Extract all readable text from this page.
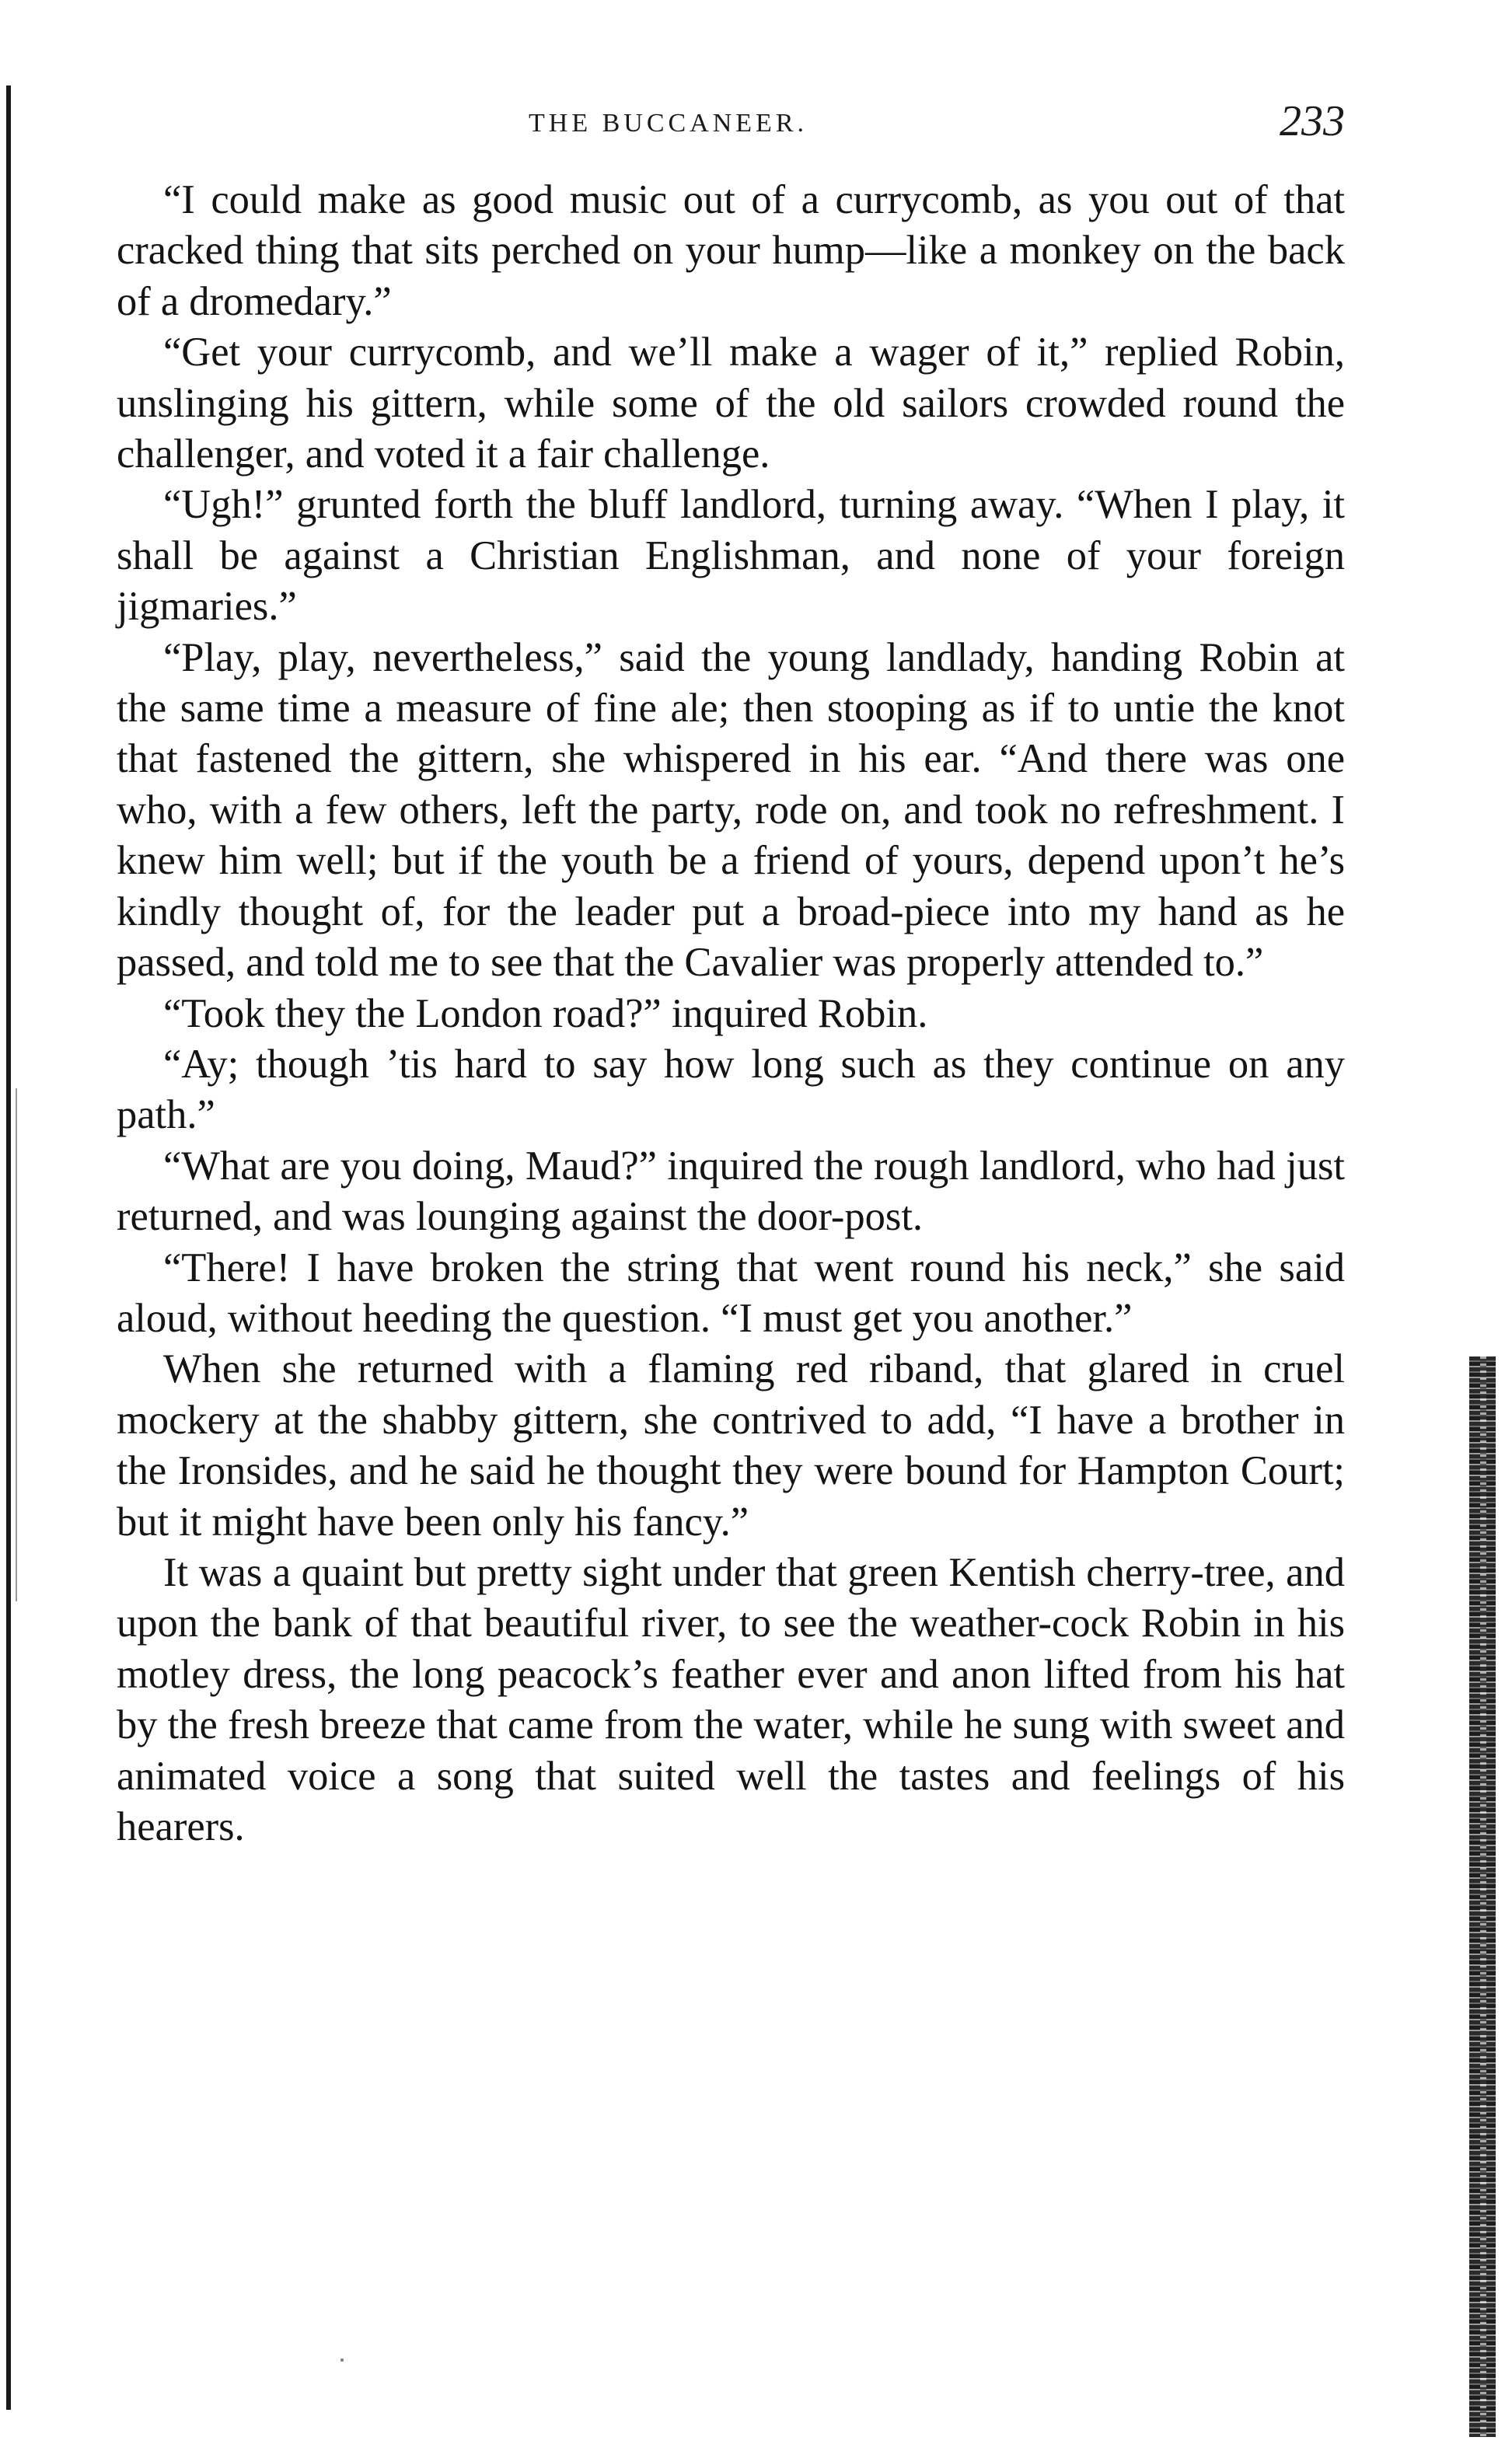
THE BUCCANEER.	233

“I could make as good music out of a currycomb, as you out of that cracked thing that sits perched on your hump—like a monkey on the back of a dromedary.”

“Get your currycomb, and we’ll make a wager of it,” replied Robin, unslinging his gittern, while some of the old sailors crowded round the challenger, and voted it a fair challenge.

“Ugh!” grunted forth the bluff landlord, turning away. “When I play, it shall be against a Christian Englishman, and none of your foreign jigmaries.”

“Play, play, nevertheless,” said the young landlady, handing Robin at the same time a measure of fine ale; then stooping as if to untie the knot that fastened the gittern, she whispered in his ear. “And there was one who, with a few others, left the party, rode on, and took no refreshment. I knew him well; but if the youth be a friend of yours, depend upon’t he’s kindly thought of, for the leader put a broad-piece into my hand as he passed, and told me to see that the Cavalier was properly attended to.”

“Took they the London road?” inquired Robin.

“Ay; though ’tis hard to say how long such as they continue on any path.”

“What are you doing, Maud?” inquired the rough landlord, who had just returned, and was lounging against the door-post.

“There! I have broken the string that went round his neck,” she said aloud, without heeding the question. “I must get you another.”

When she returned with a flaming red riband, that glared in cruel mockery at the shabby gittern, she contrived to add, “I have a brother in the Ironsides, and he said he thought they were bound for Hampton Court; but it might have been only his fancy.”

It was a quaint but pretty sight under that green Kentish cherry-tree, and upon the bank of that beautiful river, to see the weather-cock Robin in his motley dress, the long peacock’s feather ever and anon lifted from his hat by the fresh breeze that came from the water, while he sung with sweet and animated voice a song that suited well the tastes and feelings of his hearers.
